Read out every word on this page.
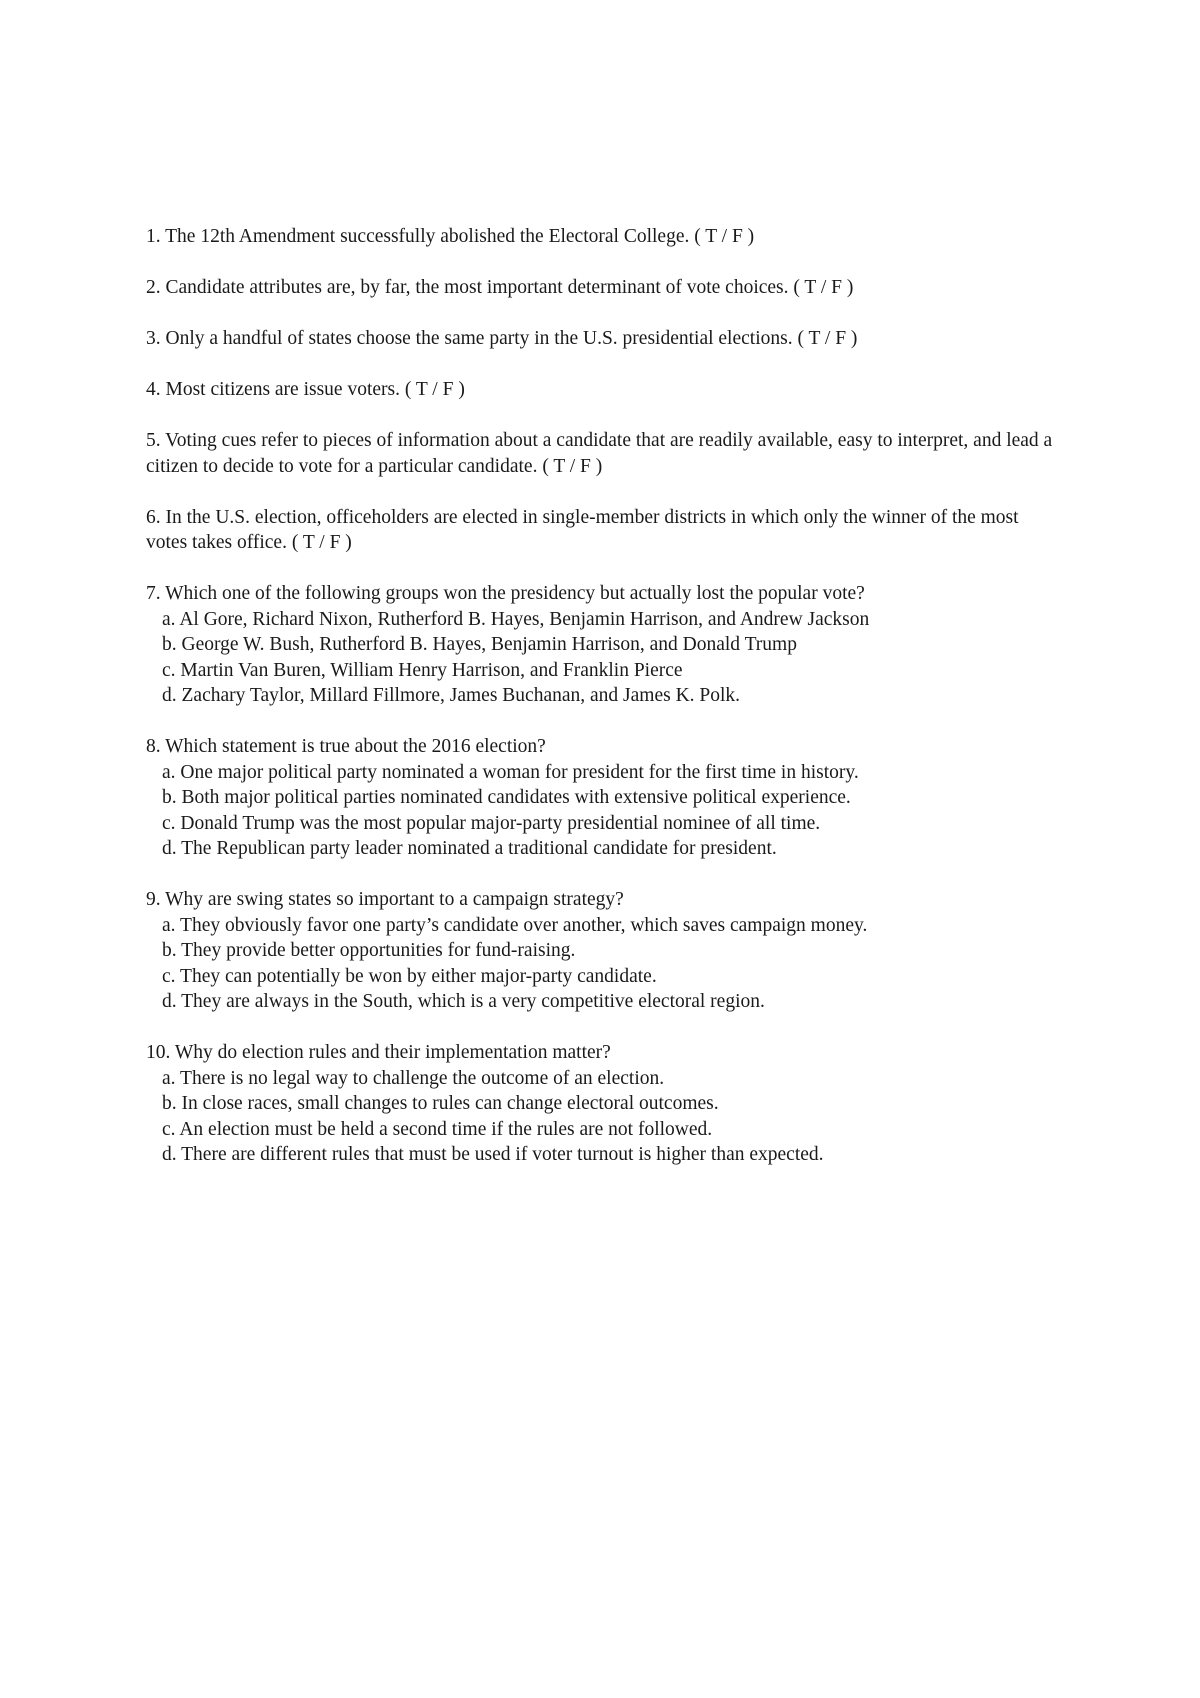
1. The 12th Amendment successfully abolished the Electoral College. ( T / F )
2. Candidate attributes are, by far, the most important determinant of vote choices. ( T / F )
3. Only a handful of states choose the same party in the U.S. presidential elections. ( T / F )
4. Most citizens are issue voters. ( T / F )
5. Voting cues refer to pieces of information about a candidate that are readily available, easy to interpret, and lead a citizen to decide to vote for a particular candidate. ( T / F )
6. In the U.S. election, officeholders are elected in single-member districts in which only the winner of the most votes takes office. ( T / F )
7. Which one of the following groups won the presidency but actually lost the popular vote?
a. Al Gore, Richard Nixon, Rutherford B. Hayes, Benjamin Harrison, and Andrew Jackson
b. George W. Bush, Rutherford B. Hayes, Benjamin Harrison, and Donald Trump
c. Martin Van Buren, William Henry Harrison, and Franklin Pierce
d. Zachary Taylor, Millard Fillmore, James Buchanan, and James K. Polk.
8. Which statement is true about the 2016 election?
a. One major political party nominated a woman for president for the first time in history.
b. Both major political parties nominated candidates with extensive political experience.
c. Donald Trump was the most popular major-party presidential nominee of all time.
d. The Republican party leader nominated a traditional candidate for president.
9. Why are swing states so important to a campaign strategy?
a. They obviously favor one party’s candidate over another, which saves campaign money.
b. They provide better opportunities for fund-raising.
c. They can potentially be won by either major-party candidate.
d. They are always in the South, which is a very competitive electoral region.
10. Why do election rules and their implementation matter?
a. There is no legal way to challenge the outcome of an election.
b. In close races, small changes to rules can change electoral outcomes.
c. An election must be held a second time if the rules are not followed.
d. There are different rules that must be used if voter turnout is higher than expected.
